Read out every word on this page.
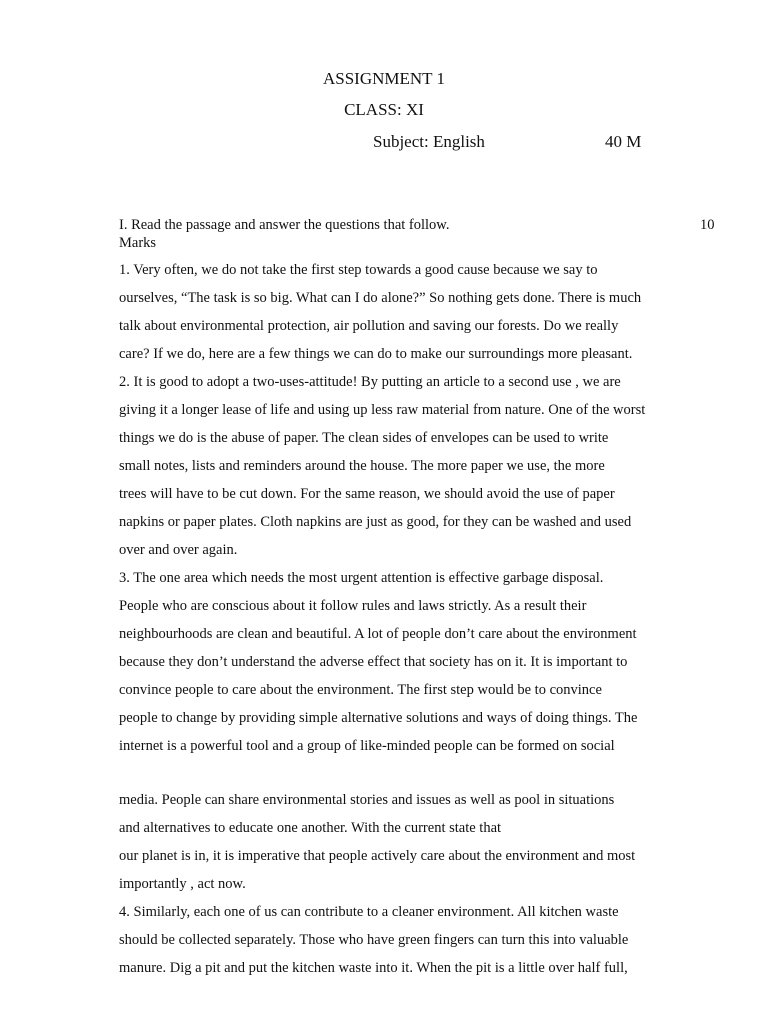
ASSIGNMENT 1
CLASS: XI
Subject: English	40 M
I. Read the passage and answer the questions that follow.	10
Marks
1. Very often, we do not take the first step towards a good cause because we say to
ourselves, “The task is so big. What can I do alone?” So nothing gets done. There is much
talk about environmental protection, air pollution and saving our forests. Do we really
care? If we do, here are a few things we can do to make our surroundings more pleasant.
2. It is good to adopt a two-uses-attitude! By putting an article to a second use , we are
giving it a longer lease of life and using up less raw material from nature. One of the worst
things we do is the abuse of paper. The clean sides of envelopes can be used to write
small notes, lists and reminders around the house. The more paper we use, the more
trees will have to be cut down. For the same reason, we should avoid the use of paper
napkins or paper plates. Cloth napkins are just as good, for they can be washed and used
over and over again.
3. The one area which needs the most urgent attention is effective garbage disposal.
People who are conscious about it follow rules and laws strictly. As a result their
neighbourhoods are clean and beautiful. A lot of people don’t care about the environment
because they don’t understand the adverse effect that society has on it. It is important to
convince people to care about the environment. The first step would be to convince
people to change by providing simple alternative solutions and ways of doing things. The
internet is a powerful tool and a group of like-minded people can be formed on social
media. People can share environmental stories and issues as well as pool in situations
and alternatives to educate one another. With the current state that
our planet is in, it is imperative that people actively care about the environment and most
importantly , act now.
4. Similarly, each one of us can contribute to a cleaner environment. All kitchen waste
should be collected separately. Those who have green fingers can turn this into valuable
manure. Dig a pit and put the kitchen waste into it. When the pit is a little over half full,
